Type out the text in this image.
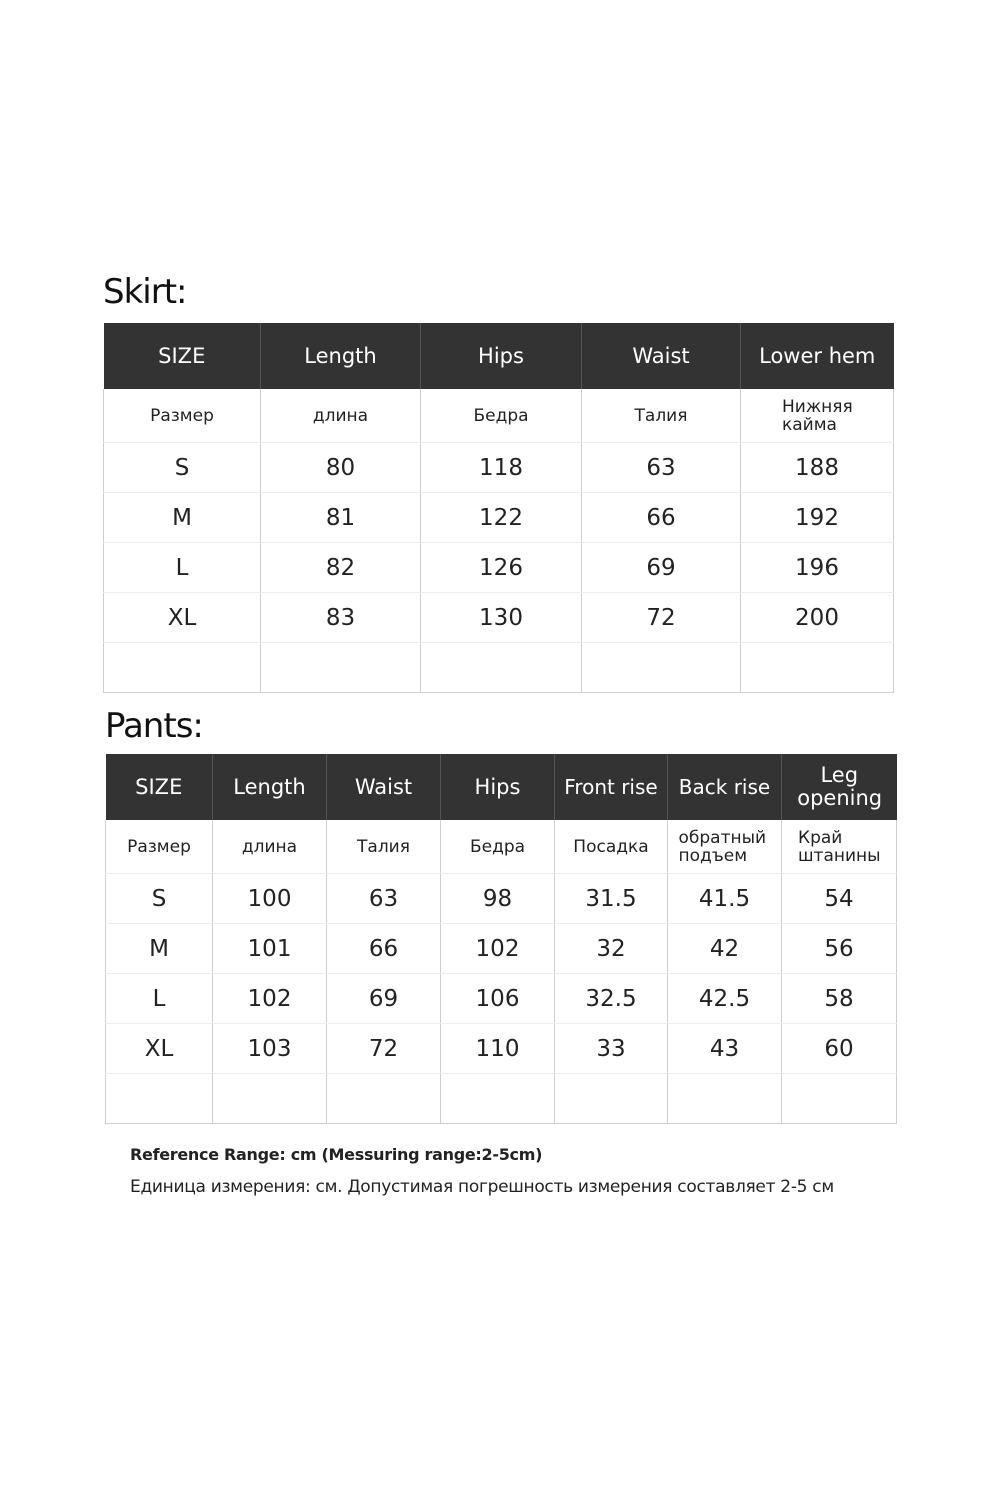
Skirt:
SIZE	Length	Hips	Waist	Lower hem
Размер	длина	Бедра	Талия	Нижняя кайма
S	80	118	63	188
M	81	122	66	192
L	82	126	69	196
XL	83	130	72	200

Pants:
SIZE	Length	Waist	Hips	Front rise	Back rise	Leg opening
Размер	длина	Талия	Бедра	Посадка	обратный подъем	Край штанины
S	100	63	98	31.5	41.5	54
M	101	66	102	32	42	56
L	102	69	106	32.5	42.5	58
XL	103	72	110	33	43	60

Reference Range: cm (Messuring range:2-5cm)

Единица измерения: см. Допустимая погрешность измерения составляет 2-5 см
